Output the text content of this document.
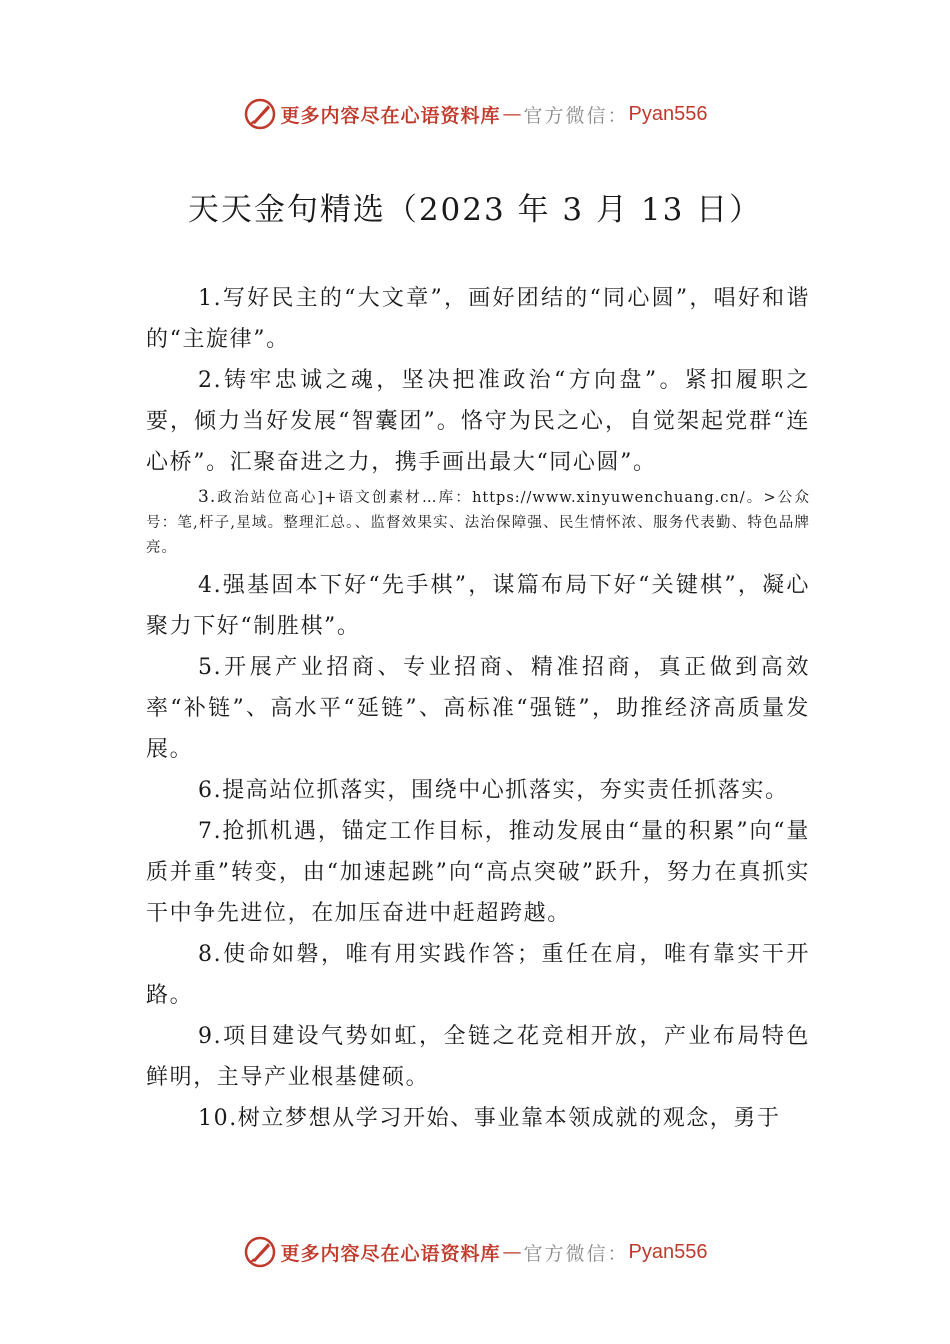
更多内容尽在心语资料库 — 官方微信： Pyan556
天天金句精选（2023 年 3 月 13 日）

1.写好民主的“大文章”，画好团结的“同心圆”，唱好和谐的“主旋律”。

2.铸牢忠诚之魂，坚决把准政治“方向盘”。紧扣履职之要，倾力当好发展“智囊团”。恪守为民之心，自觉架起党群“连心桥”。汇聚奋进之力，携手画出最大“同心圆”。

3.政治站位高心]+语文创素材…库：https://www.xinyuwenchuang.cn/。>公众号：笔,杆子,星域。整理汇总。、监督效果实、法治保障强、民生情怀浓、服务代表勤、特色品牌亮。

4.强基固本下好“先手棋”，谋篇布局下好“关键棋”，凝心聚力下好“制胜棋”。

5.开展产业招商、专业招商、精准招商，真正做到高效率“补链”、高水平“延链”、高标准“强链”，助推经济高质量发展。

6.提高站位抓落实，围绕中心抓落实，夯实责任抓落实。

7.抢抓机遇，锚定工作目标，推动发展由“量的积累”向“量质并重”转变，由“加速起跳”向“高点突破”跃升，努力在真抓实干中争先进位，在加压奋进中赶超跨越。

8.使命如磐，唯有用实践作答；重任在肩，唯有靠实干开路。

9.项目建设气势如虹，全链之花竞相开放，产业布局特色鲜明，主导产业根基健硕。

10.树立梦想从学习开始、事业靠本领成就的观念，勇于

更多内容尽在心语资料库 — 官方微信： Pyan556
